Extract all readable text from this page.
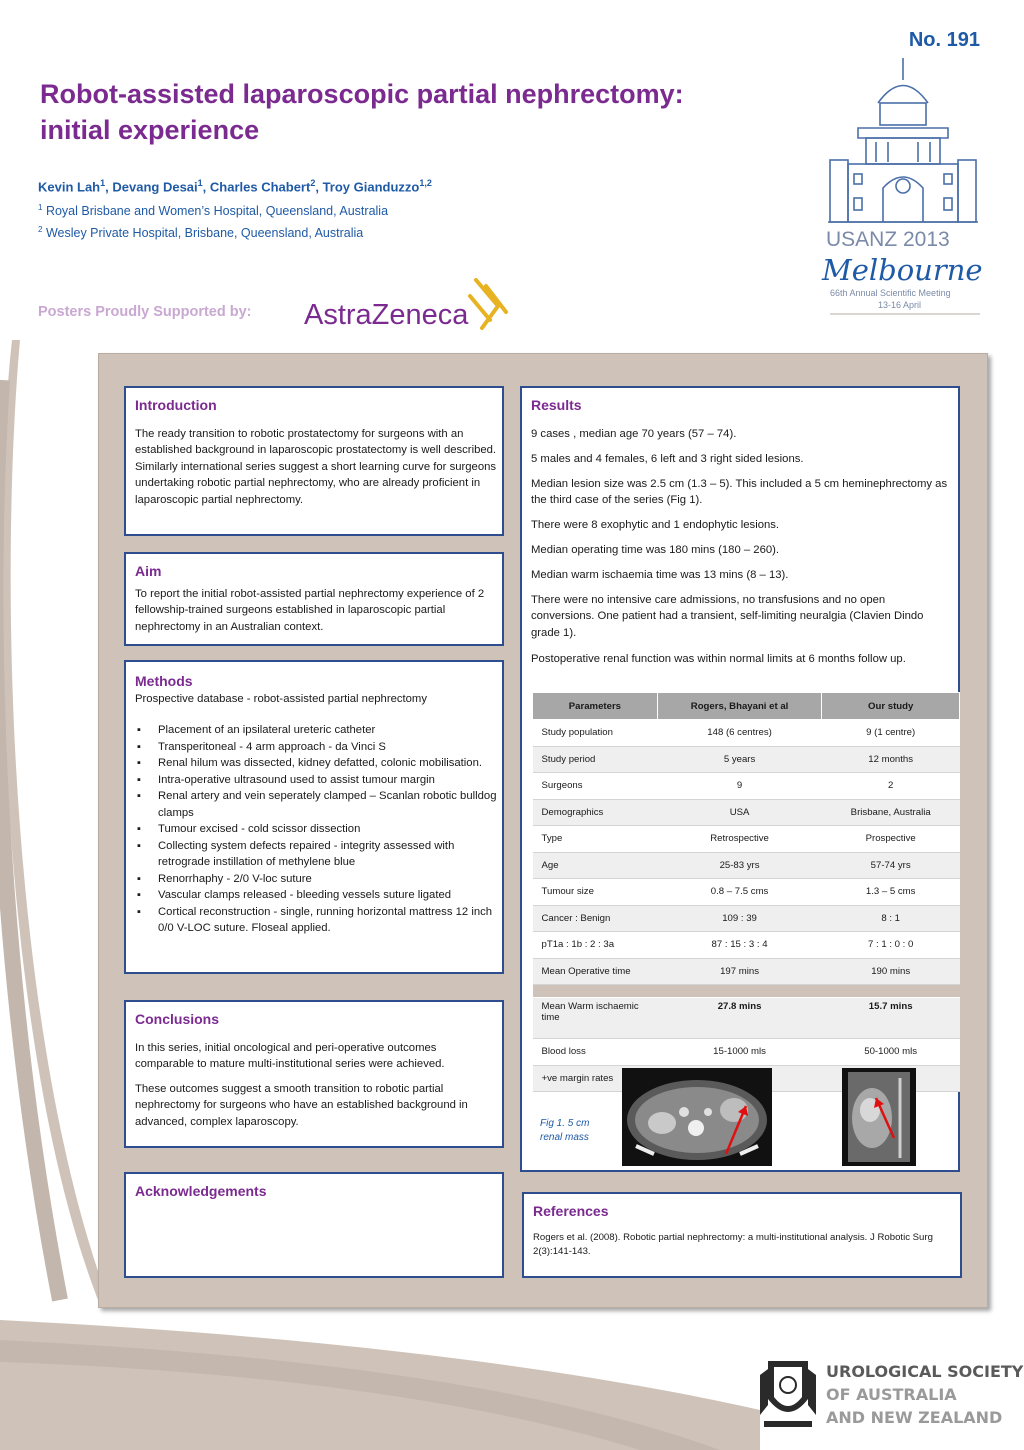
No. 191
Robot-assisted laparoscopic partial nephrectomy:
initial experience
Kevin Lah$^1$, Devang Desai$^1$, Charles Chabert$^2$, Troy Gianduzzo$^{1,2}$
$^1$ Royal Brisbane and Women’s Hospital, Queensland, Australia
$^2$ Wesley Private Hospital, Brisbane, Queensland, Australia
Posters Proudly Supported by: AstraZeneca
USANZ 2013
Melbourne
66th Annual Scientific Meeting
13-16 April
Introduction
The ready transition to robotic prostatectomy for surgeons with an established background in laparoscopic prostatectomy is well described. Similarly international series suggest a short learning curve for surgeons undertaking robotic partial nephrectomy, who are already proficient in laparoscopic partial nephrectomy.
Aim
To report the initial robot-assisted partial nephrectomy experience of 2 fellowship-trained surgeons established in laparoscopic partial nephrectomy in an Australian context.
Methods
Prospective database - robot-assisted partial nephrectomy
▪ Placement of an ipsilateral ureteric catheter
▪ Transperitoneal - 4 arm approach - da Vinci S
▪ Renal hilum was dissected, kidney defatted, colonic mobilisation.
▪ Intra-operative ultrasound used to assist tumour margin
▪ Renal artery and vein seperately clamped – Scanlan robotic bulldog clamps
▪ Tumour excised - cold scissor dissection
▪ Collecting system defects repaired - integrity assessed with retrograde instillation of methylene blue
▪ Renorrhaphy - 2/0 V-loc suture
▪ Vascular clamps released - bleeding vessels suture ligated
▪ Cortical reconstruction - single, running horizontal mattress 12 inch 0/0 V-LOC suture. Floseal applied.
Conclusions
In this series, initial oncological and peri-operative outcomes comparable to mature multi-institutional series were achieved.
These outcomes suggest a smooth transition to robotic partial nephrectomy for surgeons who have an established background in advanced, complex laparoscopy.
Acknowledgements
Results

9 cases , median age 70 years (57 – 74).

5 males and 4 females, 6 left and 3 right sided lesions.

Median lesion size was 2.5 cm (1.3 – 5). This included a 5 cm heminephrectomy as the third case of the series (Fig 1).

There were 8 exophytic and 1 endophytic lesions.

Median operating time was 180 mins (180 – 260).

Median warm ischaemia time was 13 mins (8 – 13).

There were no intensive care admissions, no transfusions and no open conversions. One patient had a transient, self-limiting neuralgia (Clavien Dindo grade 1).

Postoperative renal function was within normal limits at 6 months follow up.

Parameters	Rogers, Bhayani et al	Our study
Study population	148 (6 centres)	9 (1 centre)
Study period	5 years	12 months
Surgeons	9	2
Demographics	USA	Brisbane, Australia
Type	Retrospective	Prospective
Age	25-83 yrs	57-74 yrs
Tumour size	0.8 – 7.5 cms	1.3 – 5 cms
Cancer : Benign	109 : 39	8 : 1
pT1a : 1b : 2 : 3a	87 : 15 : 3 : 4	7 : 1 : 0 : 0
Mean Operative time	197 mins	190 mins

Mean Warm ischaemic time	27.8 mins	15.7 mins
Blood loss	15-1000 mls	50-1000 mls
+ve margin rates		
Fig 1. 5 cm
renal mass
References
Rogers et al. (2008). Robotic partial nephrectomy: a multi-institutional analysis. J Robotic Surg 2(3):141-143.
UROLOGICAL SOCIETY
OF AUSTRALIA
AND NEW ZEALAND
